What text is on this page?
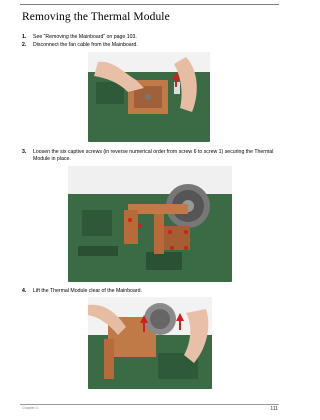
Removing the Thermal Module
1.	See “Removing the Mainboard” on page 103.
2.	Disconnect the fan cable from the Mainboard.
3.	Loosen the six captive screws (in reverse numerical order from screw 6 to screw 1) securing the Thermal Module in place.
4.	Lift the Thermal Module clear of the Mainboard.
Chapter 3	111
